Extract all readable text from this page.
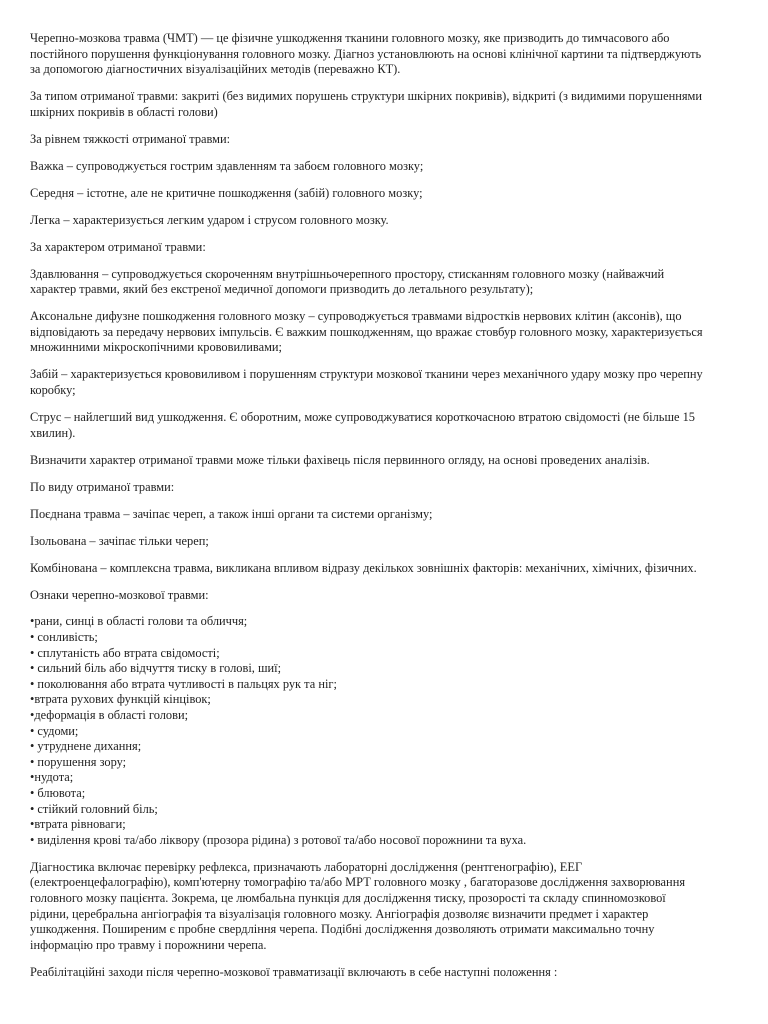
Черепно-мозкова травма (ЧМТ) — це фізичне ушкодження тканини головного мозку, яке призводить до тимчасового або постійного порушення функціонування головного мозку. Діагноз установлюють на основі клінічної картини та підтверджують за допомогою діагностичних візуалізаційних методів (переважно КТ).

За типом отриманої травми: закриті (без видимих порушень структури шкірних покривів), відкриті (з видимими порушеннями шкірних покривів в області голови)

За рівнем тяжкості отриманої травми:

Важка – супроводжується гострим здавленням та забоєм головного мозку;

Середня – істотне, але не критичне пошкодження (забій) головного мозку;

Легка – характеризується легким ударом і струсом головного мозку.

За характером отриманої травми:

Здавлювання – супроводжується скороченням внутрішньочерепного простору, стисканням головного мозку (найважчий характер травми, який без екстреної медичної допомоги призводить до летального результату);

Аксональне дифузне пошкодження головного мозку – супроводжується травмами відростків нервових клітин (аксонів), що відповідають за передачу нервових імпульсів. Є важким пошкодженням, що вражає стовбур головного мозку, характеризується множинними мікроскопічними крововиливами;

Забій – характеризується крововиливом і порушенням структури мозкової тканини через механічного удару мозку про черепну коробку;

Струс – найлегший вид ушкодження. Є оборотним, може супроводжуватися короткочасною втратою свідомості (не більше 15 хвилин).

Визначити характер отриманої травми може тільки фахівець після первинного огляду, на основі проведених аналізів.

По виду отриманої травми:

Поєднана травма – зачіпає череп, а також інші органи та системи організму;

Ізольована – зачіпає тільки череп;

Комбінована – комплексна травма, викликана впливом відразу декількох зовнішніх факторів: механічних, хімічних, фізичних.

Ознаки черепно-мозкової травми:

•рани, синці в області голови та обличчя;
• сонливість;
• сплутаність або втрата свідомості;
• сильний біль або відчуття тиску в голові, шиї;
• поколювання або втрата чутливості в пальцях рук та ніг;
•втрата рухових функцій кінцівок;
•деформація в області голови;
• судоми;
• утруднене дихання;
• порушення зору;
•нудота;
• блювота;
• стійкий головний біль;
•втрата рівноваги;
• виділення крові та/або ліквору (прозора рідина) з ротової та/або носової порожнини та вуха.

Діагностика включає перевірку рефлекса, призначають лабораторні дослідження (рентгенографію), ЕЕГ (електроенцефалографію), комп'ютерну томографію та/або МРТ головного мозку , багаторазове дослідження захворювання головного мозку пацієнта. Зокрема, це люмбальна пункція для дослідження тиску, прозорості та складу спинномозкової рідини, церебральна ангіографія та візуалізація головного мозку. Ангіографія дозволяє визначити предмет і характер ушкодження. Поширеним є пробне свердління черепа. Подібні дослідження дозволяють отримати максимально точну інформацію про травму і порожнини черепа.

Реабілітаційні заходи після черепно-мозкової травматизації включають в себе наступні положення :
